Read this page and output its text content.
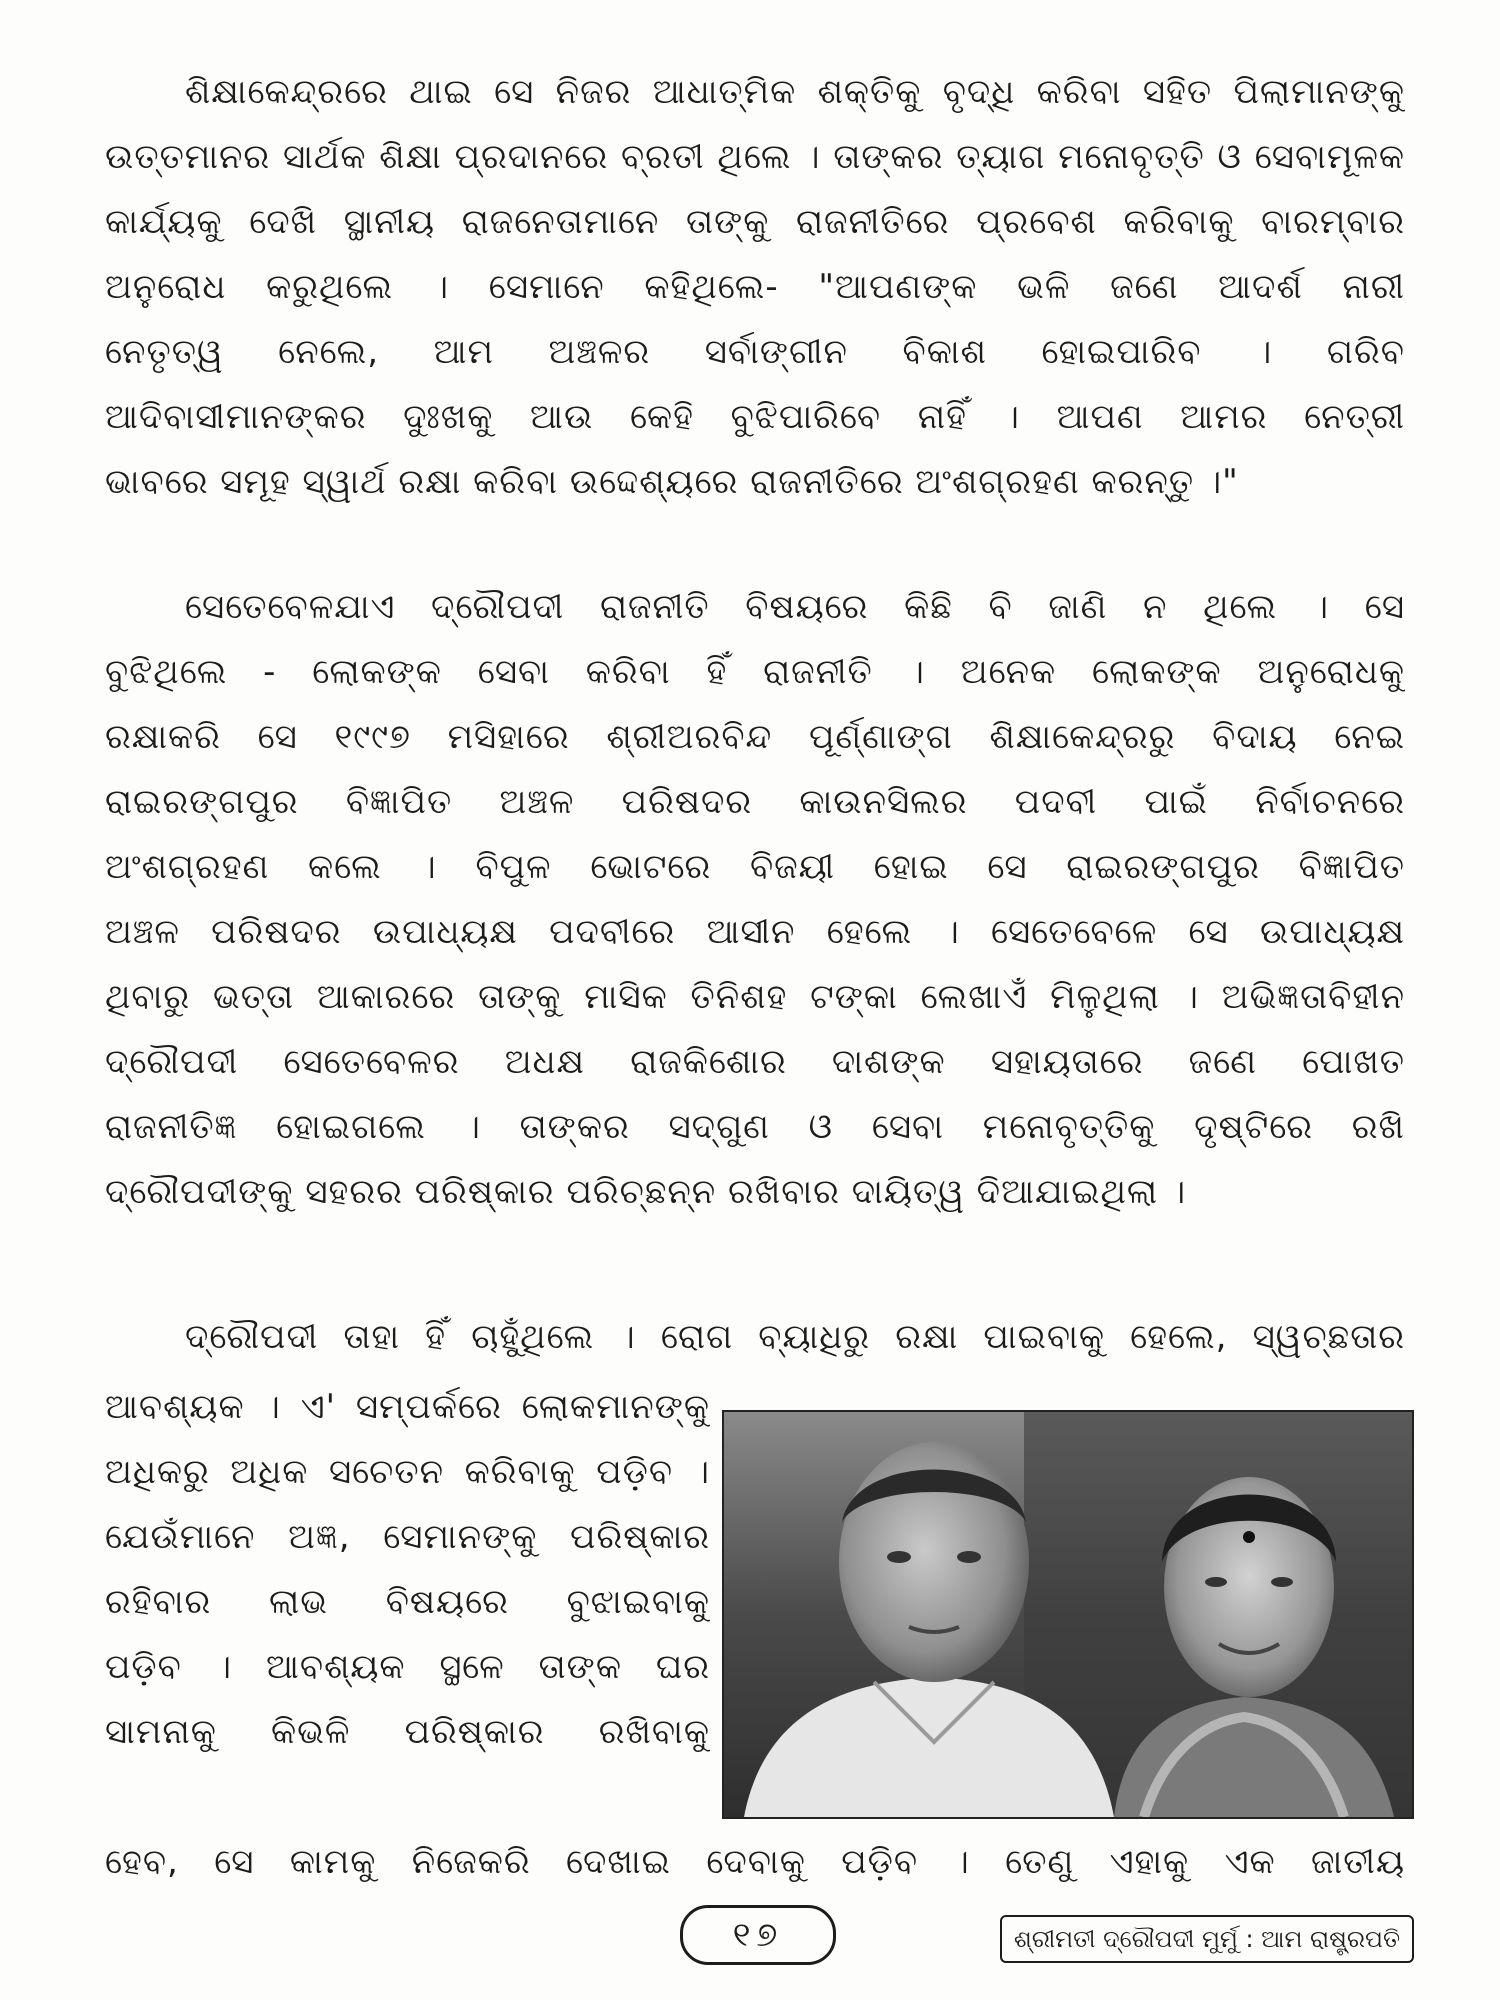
ଶିକ୍ଷାକେନ୍ଦ୍ରରେ ଥାଇ ସେ ନିଜର ଆଧାତ୍ମିକ ଶକ୍ତିକୁ ବୃଦ୍ଧି କରିବା ସହିତ ପିଲାମାନଙ୍କୁ
ଉତ୍ତମାନର ସାର୍ଥକ ଶିକ୍ଷା ପ୍ରଦାନରେ ବ୍ରତୀ ଥିଲେ । ତାଙ୍କର ତ୍ୟାଗ ମନୋବୃତ୍ତି ଓ ସେବାମୂଳକ
କାର୍ଯ୍ୟକୁ ଦେଖି ସ୍ଥାନୀୟ ରାଜନେତାମାନେ ତାଙ୍କୁ ରାଜନୀତିରେ ପ୍ରବେଶ କରିବାକୁ ବାରମ୍ବାର
ଅନୁରୋଧ କରୁଥିଲେ । ସେମାନେ କହିଥିଲେ- "ଆପଣଙ୍କ ଭଳି ଜଣେ ଆଦର୍ଶ ନାରୀ
ନେତୃତ୍ୱ ନେଲେ, ଆମ ଅଞ୍ଚଳର ସର୍ବାଙ୍ଗୀନ ବିକାଶ ହୋଇପାରିବ । ଗରିବ
ଆଦିବାସୀମାନଙ୍କର ଦୁଃଖକୁ ଆଉ କେହି ବୁଝିପାରିବେ ନାହିଁ । ଆପଣ ଆମର ନେତ୍ରୀ
ଭାବରେ ସମୂହ ସ୍ୱାର୍ଥ ରକ୍ଷା କରିବା ଉଦ୍ଦେଶ୍ୟରେ ରାଜନୀତିରେ ଅଂଶଗ୍ରହଣ କରନ୍ତୁ ।"
ସେତେବେଳଯାଏ ଦ୍ରୌପଦୀ ରାଜନୀତି ବିଷୟରେ କିଛି ବି ଜାଣି ନ ଥିଲେ । ସେ
ବୁଝିଥିଲେ - ଲୋକଙ୍କ ସେବା କରିବା ହିଁ ରାଜନୀତି । ଅନେକ ଲୋକଙ୍କ ଅନୁରୋଧକୁ
ରକ୍ଷାକରି ସେ ୧୯୯୭ ମସିହାରେ ଶ୍ରୀଅରବିନ୍ଦ ପୂର୍ଣ୍ଣାଙ୍ଗ ଶିକ୍ଷାକେନ୍ଦ୍ରରୁ ବିଦାୟ ନେଇ
ରାଇରଙ୍ଗପୁର ବିଜ୍ଞାପିତ ଅଞ୍ଚଳ ପରିଷଦର କାଉନସିଲର ପଦବୀ ପାଇଁ ନିର୍ବାଚନରେ
ଅଂଶଗ୍ରହଣ କଲେ । ବିପୁଳ ଭୋଟରେ ବିଜୟୀ ହୋଇ ସେ ରାଇରଙ୍ଗପୁର ବିଜ୍ଞାପିତ
ଅଞ୍ଚଳ ପରିଷଦର ଉପାଧ୍ୟକ୍ଷ ପଦବୀରେ ଆସୀନ ହେଲେ । ସେତେବେଳେ ସେ ଉପାଧ୍ୟକ୍ଷ
ଥିବାରୁ ଭତ୍ତା ଆକାରରେ ତାଙ୍କୁ ମାସିକ ତିନିଶହ ଟଙ୍କା ଲେଖାଏଁ ମିଳୁଥିଲା । ଅଭିଜ୍ଞତାବିହୀନ
ଦ୍ରୌପଦୀ ସେତେବେଳର ଅଧକ୍ଷ ରାଜକିଶୋର ଦାଶଙ୍କ ସହାୟତାରେ ଜଣେ ପୋଖତ
ରାଜନୀତିଜ୍ଞ ହୋଇଗଲେ । ତାଙ୍କର ସଦ୍‌ଗୁଣ ଓ ସେବା ମନୋବୃତ୍ତିକୁ ଦୃଷ୍ଟିରେ ରଖି
ଦ୍ରୌପଦୀଙ୍କୁ ସହରର ପରିଷ୍କାର ପରିଚ୍ଛନ୍ନ ରଖିବାର ଦାୟିତ୍ୱ ଦିଆଯାଇଥିଲା ।
ଦ୍ରୌପଦୀ ତାହା ହିଁ ଚାହୁଁଥିଲେ । ରୋଗ ବ୍ୟାଧିରୁ ରକ୍ଷା ପାଇବାକୁ ହେଲେ, ସ୍ୱଚ୍ଛତାର
ଆବଶ୍ୟକ । ଏ' ସମ୍ପର୍କରେ ଲୋକମାନଙ୍କୁ
ଅଧିକରୁ ଅଧିକ ସଚେତନ କରିବାକୁ ପଡ଼ିବ ।
ଯେଉଁମାନେ ଅଜ୍ଞ, ସେମାନଙ୍କୁ ପରିଷ୍କାର
ରହିବାର ଲାଭ ବିଷୟରେ ବୁଝାଇବାକୁ
ପଡ଼ିବ । ଆବଶ୍ୟକ ସ୍ଥଳେ ତାଙ୍କ ଘର
ସାମନାକୁ କିଭଳି ପରିଷ୍କାର ରଖିବାକୁ
ହେବ, ସେ କାମକୁ ନିଜେକରି ଦେଖାଇ ଦେବାକୁ ପଡ଼ିବ । ତେଣୁ ଏହାକୁ ଏକ ଜାତୀୟ
୧୭	ଶ୍ରୀମତୀ ଦ୍ରୌପଦୀ ମୁର୍ମୁ : ଆମ ରାଷ୍ଟ୍ରପତି
